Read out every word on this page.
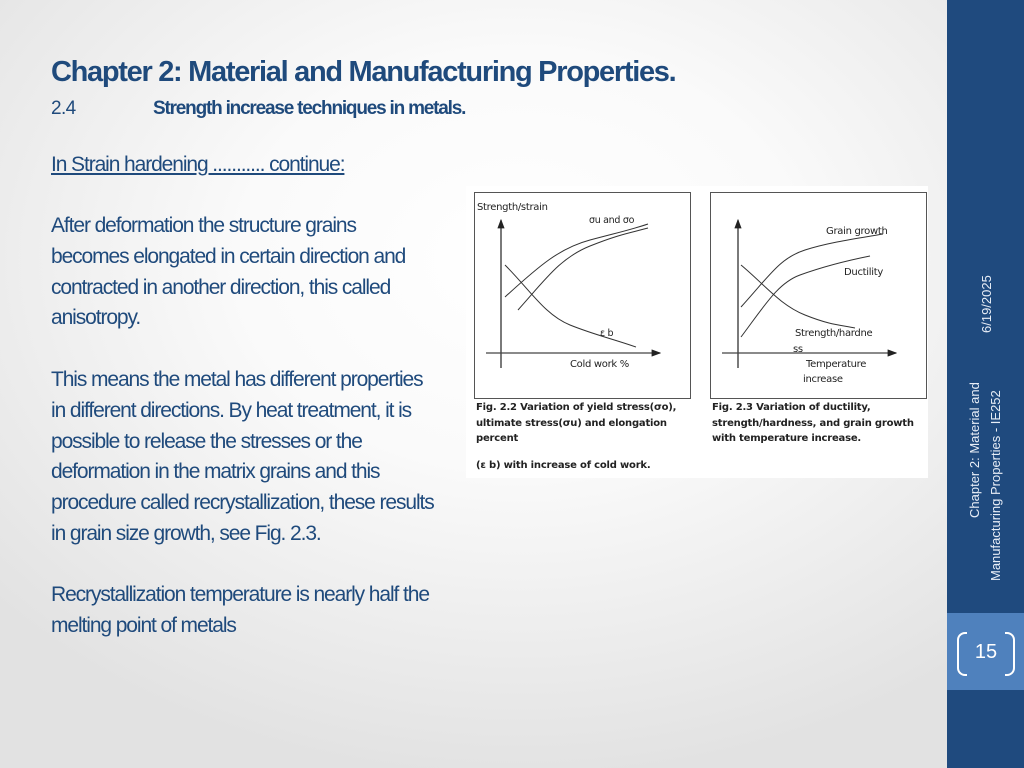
Chapter 2: Material and Manufacturing Properties.
2.4	Strength increase techniques in metals.
In Strain hardening ........... continue:
After deformation the structure grains
becomes elongated in certain direction and
contracted in another direction, this called
anisotropy.
This means the metal has different properties
in different directions. By heat treatment, it is
possible to release the stresses or the
deformation in the matrix grains and this
procedure called recrystallization, these results
in grain size growth, see Fig. 2.3.
Recrystallization temperature is nearly half the
melting point of metals
Strength/strain
σu and σo
ε b
Cold work %
Fig. 2.2 Variation of yield stress(σo),
ultimate stress(σu) and elongation
percent
(ε b) with increase of cold work.
Grain growth
Ductility
Strength/hardne
ss
Temperature
increase
Fig. 2.3 Variation of ductility,
strength/hardness, and grain growth
with temperature increase.
6/19/2025
Chapter 2: Material and Manufacturing Properties - IE252
15
